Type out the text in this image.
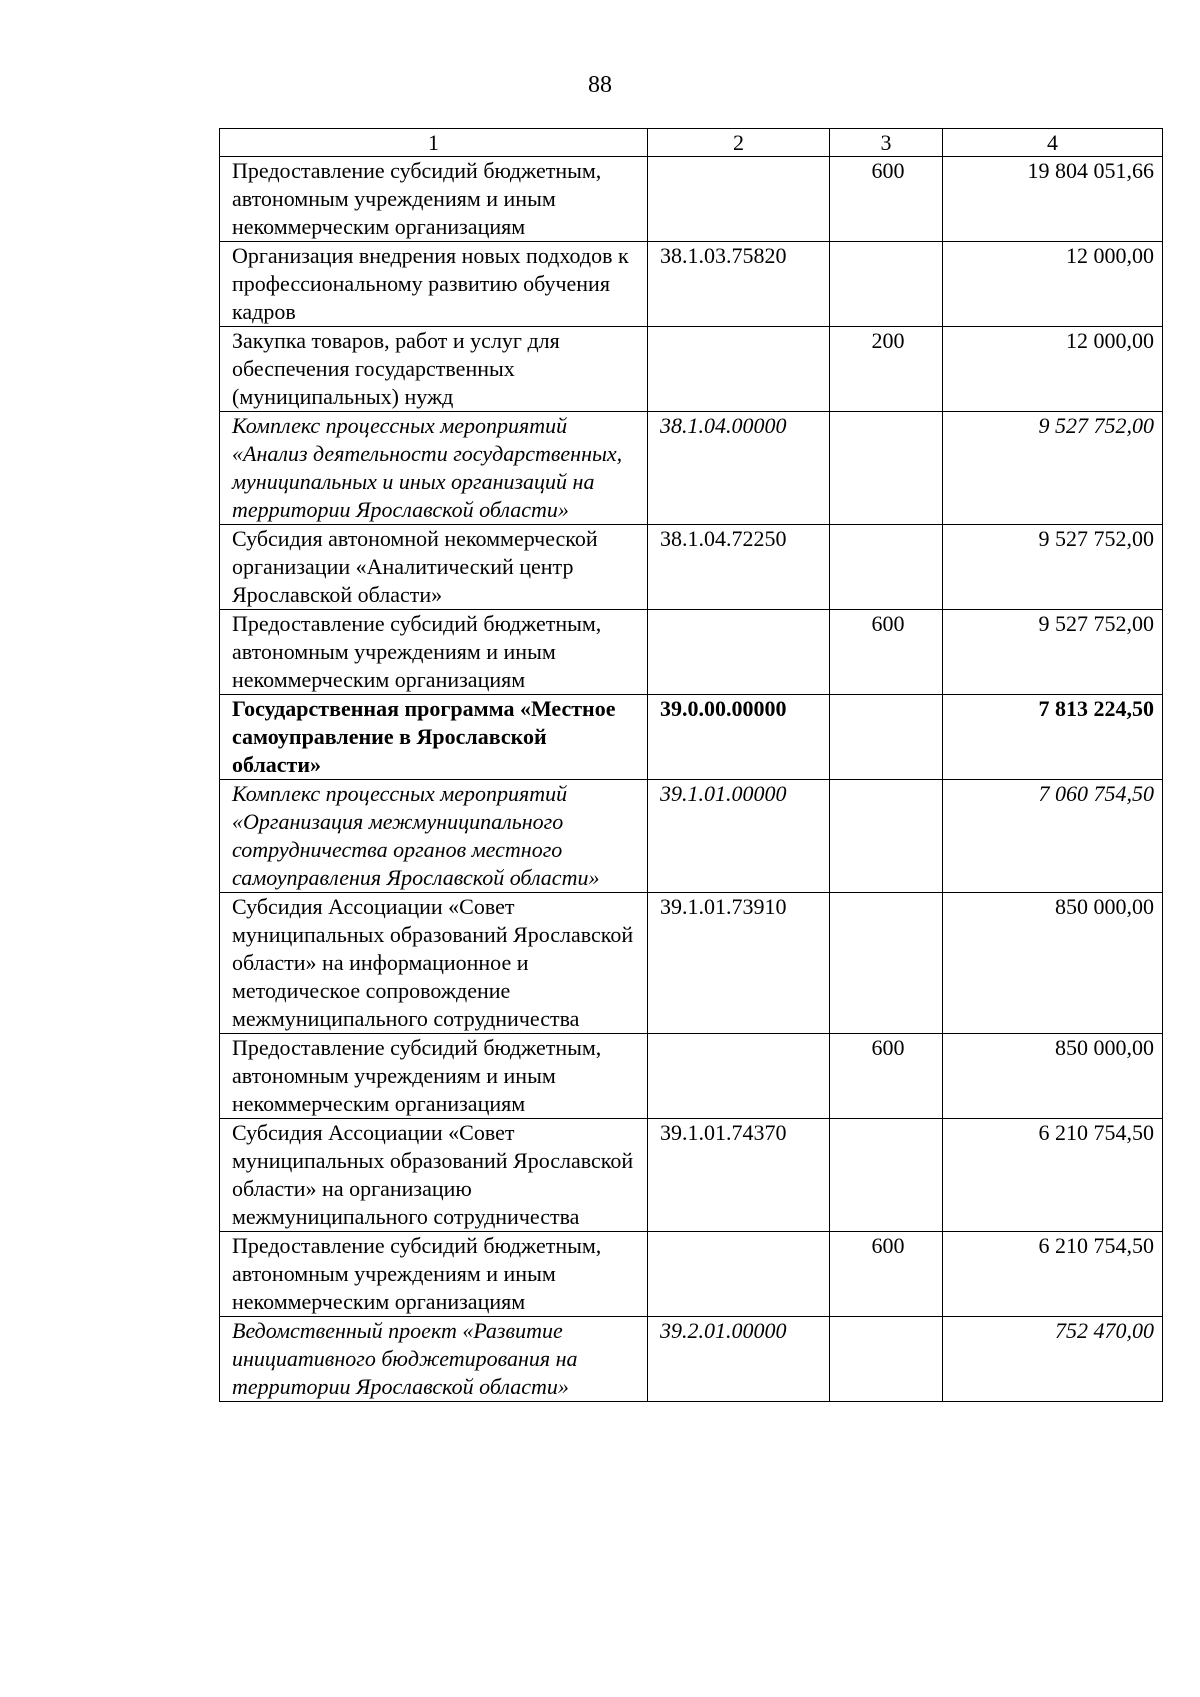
88
1	2	3	4
Предоставление субсидий бюджетным, автономным учреждениям и иным некоммерческим организациям		600	19 804 051,66
Организация внедрения новых подходов к профессиональному развитию обучения кадров	38.1.03.75820		12 000,00
Закупка товаров, работ и услуг для обеспечения государственных (муниципальных) нужд		200	12 000,00
Комплекс процессных мероприятий «Анализ деятельности государственных, муниципальных и иных организаций на территории Ярославской области»	38.1.04.00000		9 527 752,00
Субсидия автономной некоммерческой организации «Аналитический центр Ярославской области»	38.1.04.72250		9 527 752,00
Предоставление субсидий бюджетным, автономным учреждениям и иным некоммерческим организациям		600	9 527 752,00
Государственная программа «Местное самоуправление в Ярославской области»	39.0.00.00000		7 813 224,50
Комплекс процессных мероприятий «Организация межмуниципального сотрудничества органов местного самоуправления Ярославской области»	39.1.01.00000		7 060 754,50
Субсидия Ассоциации «Совет муниципальных образований Ярославской области» на информационное и методическое сопровождение межмуниципального сотрудничества	39.1.01.73910		850 000,00
Предоставление субсидий бюджетным, автономным учреждениям и иным некоммерческим организациям		600	850 000,00
Субсидия Ассоциации «Совет муниципальных образований Ярославской области» на организацию межмуниципального сотрудничества	39.1.01.74370		6 210 754,50
Предоставление субсидий бюджетным, автономным учреждениям и иным некоммерческим организациям		600	6 210 754,50
Ведомственный проект «Развитие инициативного бюджетирования на территории Ярославской области»	39.2.01.00000		752 470,00
